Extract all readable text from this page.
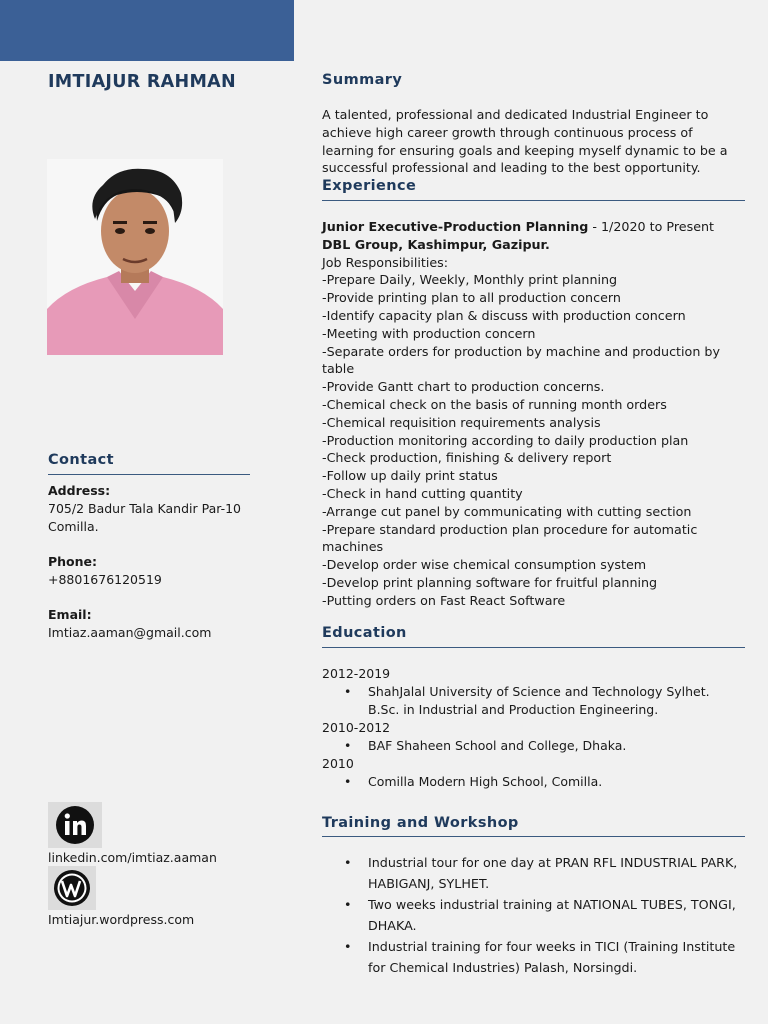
IMTIAJUR RAHMAN
Contact
Address:
705/2 Badur Tala Kandir Par-10
Comilla.
Phone:
+8801676120519
Email:
Imtiaz.aaman@gmail.com
linkedin.com/imtiaz.aaman
Imtiajur.wordpress.com
Summary
A talented, professional and dedicated Industrial Engineer to achieve high career growth through continuous process of learning for ensuring goals and keeping myself dynamic to be a successful professional and leading to the best opportunity.
Experience
Junior Executive-Production Planning - 1/2020 to Present
DBL Group, Kashimpur, Gazipur.
Job Responsibilities:
-Prepare Daily, Weekly, Monthly print planning
-Provide printing plan to all production concern
-Identify capacity plan & discuss with production concern
-Meeting with production concern
-Separate orders for production by machine and production by table
-Provide Gantt chart to production concerns.
-Chemical check on the basis of running month orders
-Chemical requisition requirements analysis
-Production monitoring according to daily production plan
-Check production, finishing & delivery report
-Follow up daily print status
-Check in hand cutting quantity
-Arrange cut panel by communicating with cutting section
-Prepare standard production plan procedure for automatic machines
-Develop order wise chemical consumption system
-Develop print planning software for fruitful planning
-Putting orders on Fast React Software
Education
2012-2019
• ShahJalal University of Science and Technology Sylhet.
B.Sc. in Industrial and Production Engineering.
2010-2012
• BAF Shaheen School and College, Dhaka.
2010
• Comilla Modern High School, Comilla.
Training and Workshop
• Industrial tour for one day at PRAN RFL INDUSTRIAL PARK, HABIGANJ, SYLHET.
• Two weeks industrial training at NATIONAL TUBES, TONGI, DHAKA.
• Industrial training for four weeks in TICI (Training Institute for Chemical Industries) Palash, Norsingdi.
